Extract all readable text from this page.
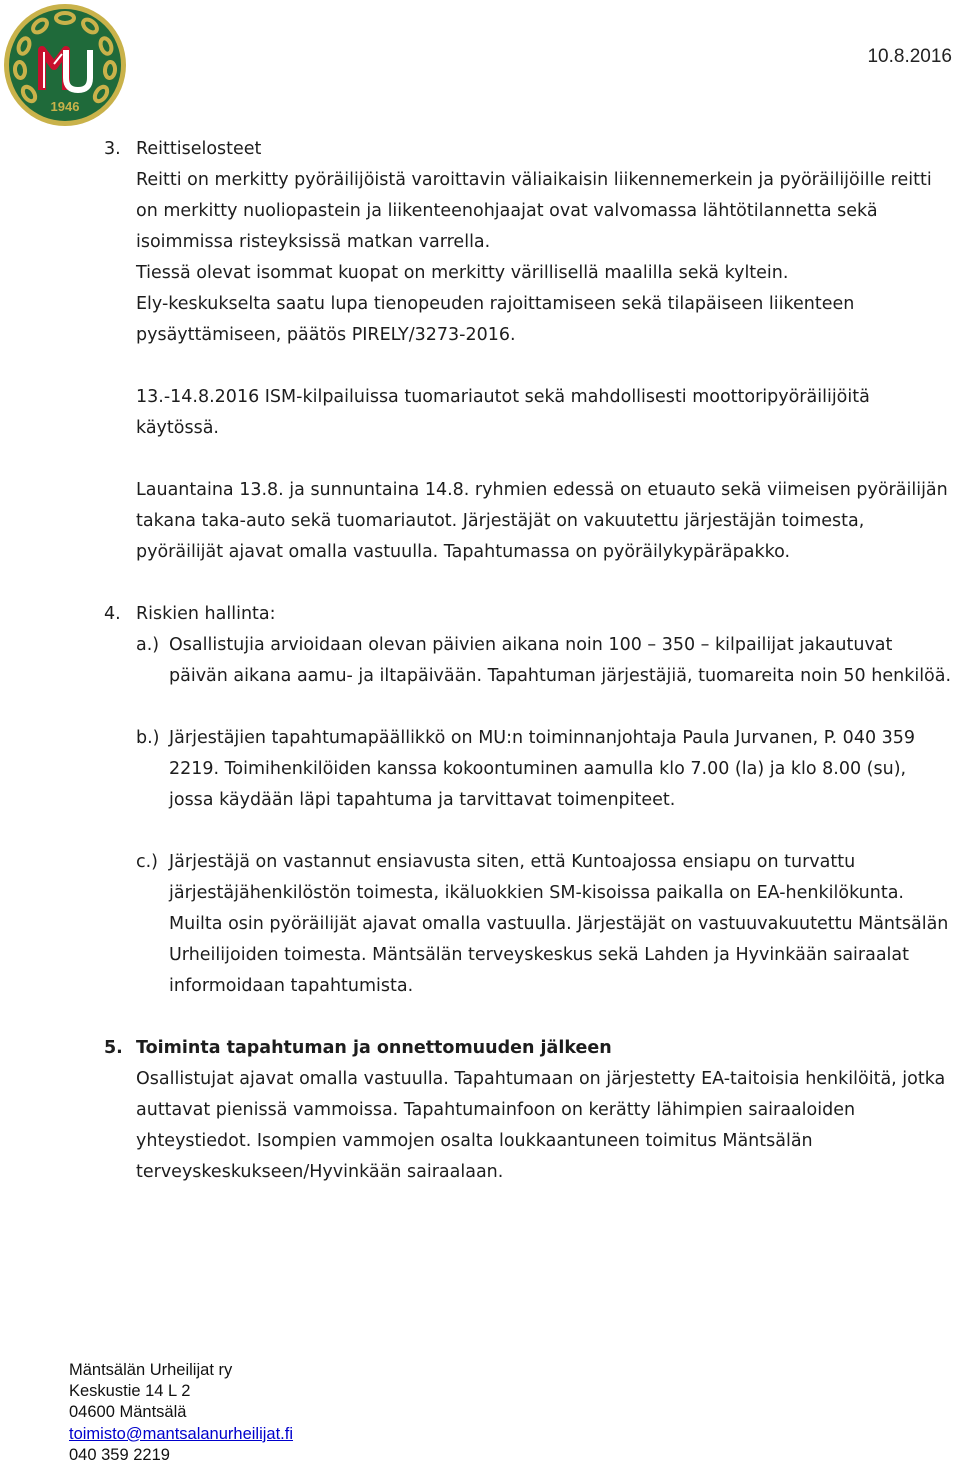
1946
10.8.2016
3. Reittiselosteet

Reitti on merkitty pyöräilijöistä varoittavin väliaikaisin liikennemerkein ja pyöräilijöille reitti on merkitty nuoliopastein ja liikenteenohjaajat ovat valvomassa lähtötilannetta sekä isoimmissa risteyksissä matkan varrella.

Tiessä olevat isommat kuopat on merkitty värillisellä maalilla sekä kyltein.

Ely-keskukselta saatu lupa tienopeuden rajoittamiseen sekä tilapäiseen liikenteen pysäyttämiseen, päätös PIRELY/3273-2016.

13.-14.8.2016 ISM-kilpailuissa tuomariautot sekä mahdollisesti moottoripyöräilijöitä käytössä.

Lauantaina 13.8. ja sunnuntaina 14.8. ryhmien edessä on etuauto sekä viimeisen pyöräilijän takana taka-auto sekä tuomariautot. Järjestäjät on vakuutettu järjestäjän toimesta, pyöräilijät ajavat omalla vastuulla. Tapahtumassa on pyöräilykypäräpakko.

4. Riskien hallinta:

a.) Osallistujia arvioidaan olevan päivien aikana noin 100 – 350 – kilpailijat jakautuvat päivän aikana aamu- ja iltapäivään. Tapahtuman järjestäjiä, tuomareita noin 50 henkilöä.

b.) Järjestäjien tapahtumapäällikkö on MU:n toiminnanjohtaja Paula Jurvanen, P. 040 359 2219. Toimihenkilöiden kanssa kokoontuminen aamulla klo 7.00 (la) ja klo 8.00 (su), jossa käydään läpi tapahtuma ja tarvittavat toimenpiteet.

c.) Järjestäjä on vastannut ensiavusta siten, että Kuntoajossa ensiapu on turvattu järjestäjähenkilöstön toimesta, ikäluokkien SM-kisoissa paikalla on EA-henkilökunta. Muilta osin pyöräilijät ajavat omalla vastuulla. Järjestäjät on vastuuvakuutettu Mäntsälän Urheilijoiden toimesta. Mäntsälän terveyskeskus sekä Lahden ja Hyvinkään sairaalat informoidaan tapahtumista.

5. Toiminta tapahtuman ja onnettomuuden jälkeen

Osallistujat ajavat omalla vastuulla. Tapahtumaan on järjestetty EA-taitoisia henkilöitä, jotka auttavat pienissä vammoissa. Tapahtumainfoon on kerätty lähimpien sairaaloiden yhteystiedot. Isompien vammojen osalta loukkaantuneen toimitus Mäntsälän terveyskeskukseen/Hyvinkään sairaalaan.

Mäntsälän Urheilijat ry
Keskustie 14 L 2
04600 Mäntsälä
toimisto@mantsalanurheilijat.fi
040 359 2219
